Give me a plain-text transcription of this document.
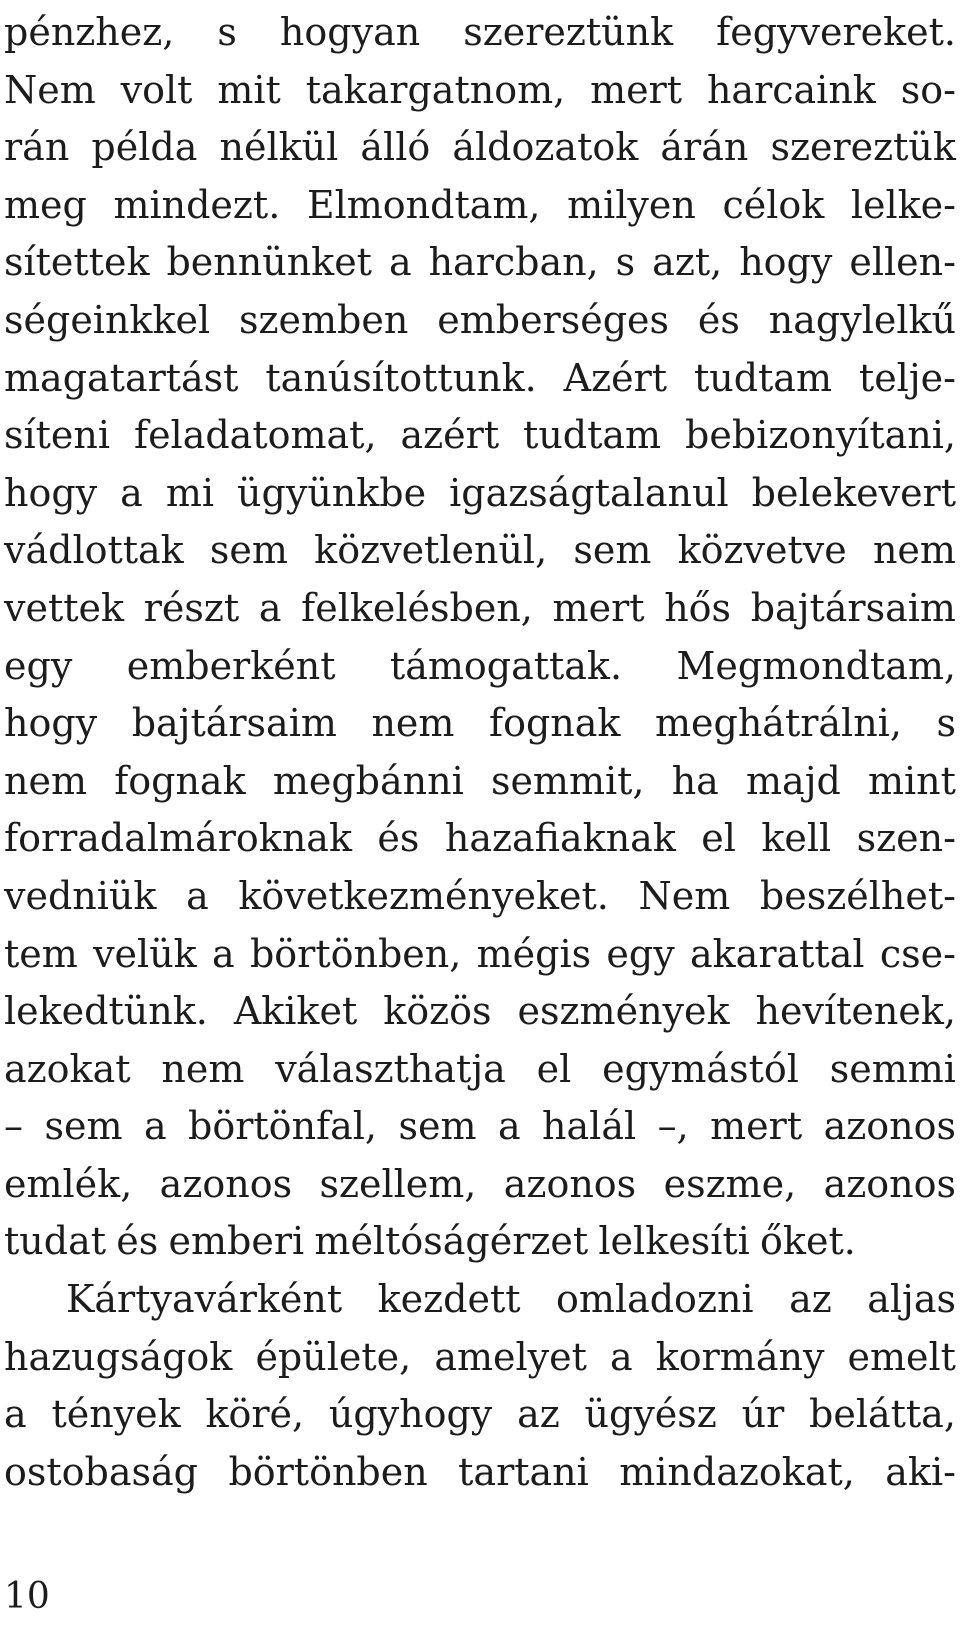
pénzhez, s hogyan szereztünk fegyvereket.
Nem volt mit takargatnom, mert harcaink so-
rán példa nélkül álló áldozatok árán szereztük
meg mindezt. Elmondtam, milyen célok lelke-
sítettek bennünket a harcban, s azt, hogy ellen-
ségeinkkel szemben emberséges és nagylelkű
magatartást tanúsítottunk. Azért tudtam telje-
síteni feladatomat, azért tudtam bebizonyítani,
hogy a mi ügyünkbe igazságtalanul belekevert
vádlottak sem közvetlenül, sem közvetve nem
vettek részt a felkelésben, mert hős bajtársaim
egy emberként támogattak. Megmondtam,
hogy bajtársaim nem fognak meghátrálni, s
nem fognak megbánni semmit, ha majd mint
forradalmároknak és hazafiaknak el kell szen-
vedniük a következményeket. Nem beszélhet-
tem velük a börtönben, mégis egy akarattal cse-
lekedtünk. Akiket közös eszmények hevítenek,
azokat nem választhatja el egymástól semmi
– sem a börtönfal, sem a halál –, mert azonos
emlék, azonos szellem, azonos eszme, azonos
tudat és emberi méltóságérzet lelkesíti őket.
Kártyavárként kezdett omladozni az aljas
hazugságok épülete, amelyet a kormány emelt
a tények köré, úgyhogy az ügyész úr belátta,
ostobaság börtönben tartani mindazokat, aki-
10
